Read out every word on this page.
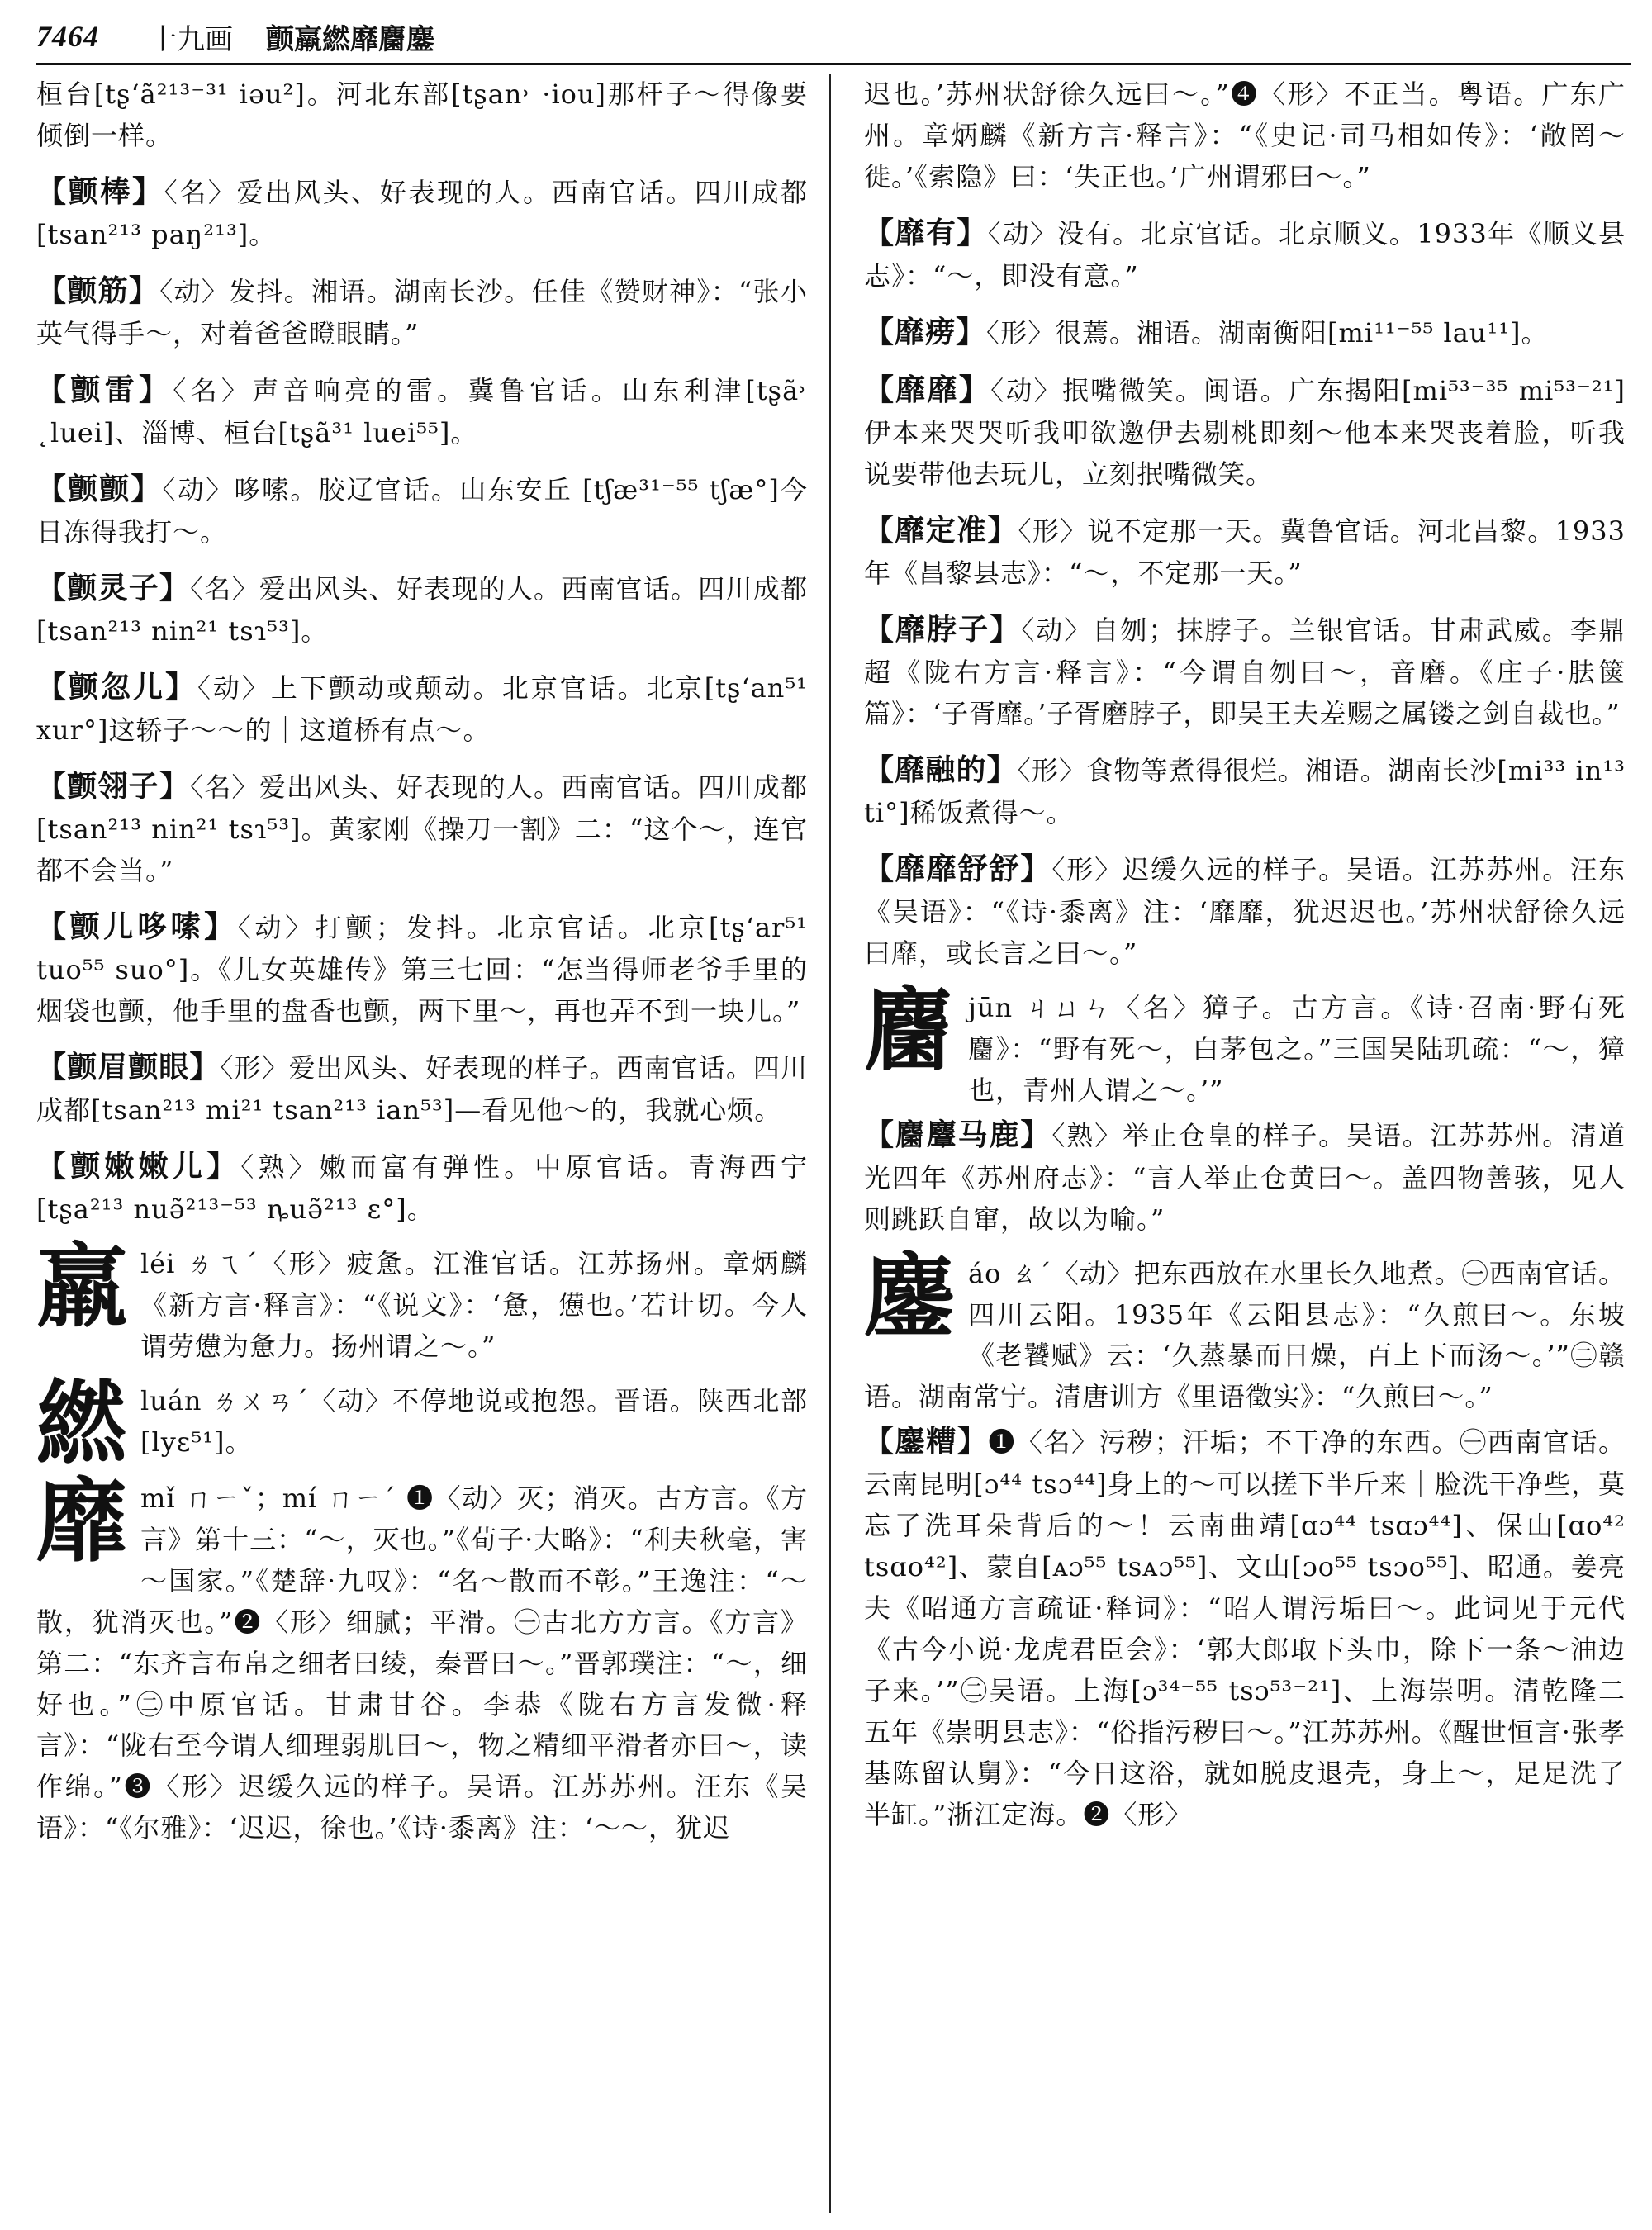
7464 十九画 颤羸繎靡麕鏖

桓台[tʂ‘ã²¹³⁻³¹ iəu²]。河北东部[tʂan˒ ·iou]那杆子～得像要倾倒一样。

【颤棒】〈名〉爱出风头、好表现的人。西南官话。四川成都[tsan²¹³ paŋ²¹³]。

【颤筋】〈动〉发抖。湘语。湖南长沙。任佳《赞财神》：“张小英气得手～，对着爸爸瞪眼睛。”

【颤雷】〈名〉声音响亮的雷。冀鲁官话。山东利津[tʂã˒ ˛luei]、淄博、桓台[tʂã³¹ luei⁵⁵]。

【颤颤】〈动〉哆嗦。胶辽官话。山东安丘 [tʃæ³¹⁻⁵⁵ tʃæ°]今日冻得我打～。

【颤灵子】〈名〉爱出风头、好表现的人。西南官话。四川成都[tsan²¹³ nin²¹ tsɿ⁵³]。

【颤忽儿】〈动〉上下颤动或颠动。北京官话。北京[tʂ‘an⁵¹ xur°]这轿子～～的｜这道桥有点～。

【颤翎子】〈名〉爱出风头、好表现的人。西南官话。四川成都[tsan²¹³ nin²¹ tsɿ⁵³]。黄家刚《操刀一割》二：“这个～，连官都不会当。”

【颤儿哆嗦】〈动〉打颤；发抖。北京官话。北京[tʂ‘ar⁵¹ tuo⁵⁵ suo°]。《儿女英雄传》第三七回：“怎当得师老爷手里的烟袋也颤，他手里的盘香也颤，两下里～，再也弄不到一块儿。”

【颤眉颤眼】〈形〉爱出风头、好表现的样子。西南官话。四川成都[tsan²¹³ mi²¹ tsan²¹³ ian⁵³]—看见他～的，我就心烦。

【颤嫩嫩儿】〈熟〉嫩而富有弹性。中原官话。青海西宁[tʂa²¹³ nuə̃²¹³⁻⁵³ ȵuə̃²¹³ ɛ°]。

羸 léi ㄌㄟˊ〈形〉疲惫。江淮官话。江苏扬州。章炳麟《新方言·释言》：“《说文》：‘惫，憊也。’若计切。今人谓劳憊为惫力。扬州谓之～。”
繎 luán ㄌㄨㄢˊ〈动〉不停地说或抱怨。晋语。陕西北部[lyɛ⁵¹]。
靡 mǐ ㄇㄧˇ；mí ㄇㄧˊ ❶〈动〉灭；消灭。古方言。《方言》第十三：“～，灭也。”《荀子·大略》：“利夫秋毫，害～国家。”《楚辞·九叹》：“名～散而不彰。”王逸注：“～散，犹消灭也。”❷〈形〉细腻；平滑。㊀古北方方言。《方言》第二：“东齐言布帛之细者曰绫，秦晋曰～。”晋郭璞注：“～，细好也。”㊁中原官话。甘肃甘谷。李恭《陇右方言发微·释言》：“陇右至今谓人细理弱肌曰～，物之精细平滑者亦曰～，读作绵。”❸〈形〉迟缓久远的样子。吴语。江苏苏州。汪东《吴语》：“《尔雅》：‘迟迟，徐也。’《诗·黍离》注：‘～～，犹迟

迟也。’苏州状舒徐久远曰～。”❹〈形〉不正当。粤语。广东广州。章炳麟《新方言·释言》：“《史记·司马相如传》：‘敞罔～徙。’《索隐》曰：‘失正也。’广州谓邪曰～。”

【靡有】〈动〉没有。北京官话。北京顺义。1933年《顺义县志》：“～，即没有意。”

【靡痨】〈形〉很蔫。湘语。湖南衡阳[mi¹¹⁻⁵⁵ lau¹¹]。

【靡靡】〈动〉抿嘴微笑。闽语。广东揭阳[mi⁵³⁻³⁵ mi⁵³⁻²¹]伊本来哭哭听我叩欲邀伊去剔桃即刻～他本来哭丧着脸，听我说要带他去玩儿，立刻抿嘴微笑。

【靡定准】〈形〉说不定那一天。冀鲁官话。河北昌黎。1933年《昌黎县志》：“～，不定那一天。”

【靡脖子】〈动〉自刎；抹脖子。兰银官话。甘肃武威。李鼎超《陇右方言·释言》：“今谓自刎曰～，音磨。《庄子·胠箧篇》：‘子胥靡。’子胥磨脖子，即吴王夫差赐之属镂之剑自裁也。”

【靡融的】〈形〉食物等煮得很烂。湘语。湖南长沙[mi³³ in¹³ ti°]稀饭煮得～。

【靡靡舒舒】〈形〉迟缓久远的样子。吴语。江苏苏州。汪东《吴语》：“《诗·黍离》注：‘靡靡，犹迟迟也。’苏州状舒徐久远曰靡，或长言之曰～。”

麕 jūn ㄐㄩㄣ〈名〉獐子。古方言。《诗·召南·野有死麕》：“野有死～，白茅包之。”三国吴陆玑疏：“～，獐也，青州人谓之～。’”

【麕麞马鹿】〈熟〉举止仓皇的样子。吴语。江苏苏州。清道光四年《苏州府志》：“言人举止仓黄曰～。盖四物善骇，见人则跳跃自窜，故以为喻。”

鏖 áo ㄠˊ〈动〉把东西放在水里长久地煮。㊀西南官话。四川云阳。1935年《云阳县志》：“久煎曰～。东坡《老饕赋》云：‘久蒸暴而日燥，百上下而汤～。’”㊁赣语。湖南常宁。清唐训方《里语徵实》：“久煎曰～。”

【鏖糟】❶〈名〉污秽；汗垢；不干净的东西。㊀西南官话。云南昆明[ɔ⁴⁴ tsɔ⁴⁴]身上的～可以搓下半斤来｜脸洗干净些，莫忘了洗耳朵背后的～！云南曲靖[ɑɔ⁴⁴ tsɑɔ⁴⁴]、保山[ɑo⁴² tsɑo⁴²]、蒙自[ᴀɔ⁵⁵ tsᴀɔ⁵⁵]、文山[ɔo⁵⁵ tsɔo⁵⁵]、昭通。姜亮夫《昭通方言疏证·释词》：“昭人谓污垢曰～。此词见于元代《古今小说·龙虎君臣会》：‘郭大郎取下头巾，除下一条～油边子来。’”㊁吴语。上海[ɔ³⁴⁻⁵⁵ tsɔ⁵³⁻²¹]、上海崇明。清乾隆二五年《崇明县志》：“俗指污秽曰～。”江苏苏州。《醒世恒言·张孝基陈留认舅》：“今日这浴，就如脱皮退壳，身上～，足足洗了半缸。”浙江定海。❷〈形〉
